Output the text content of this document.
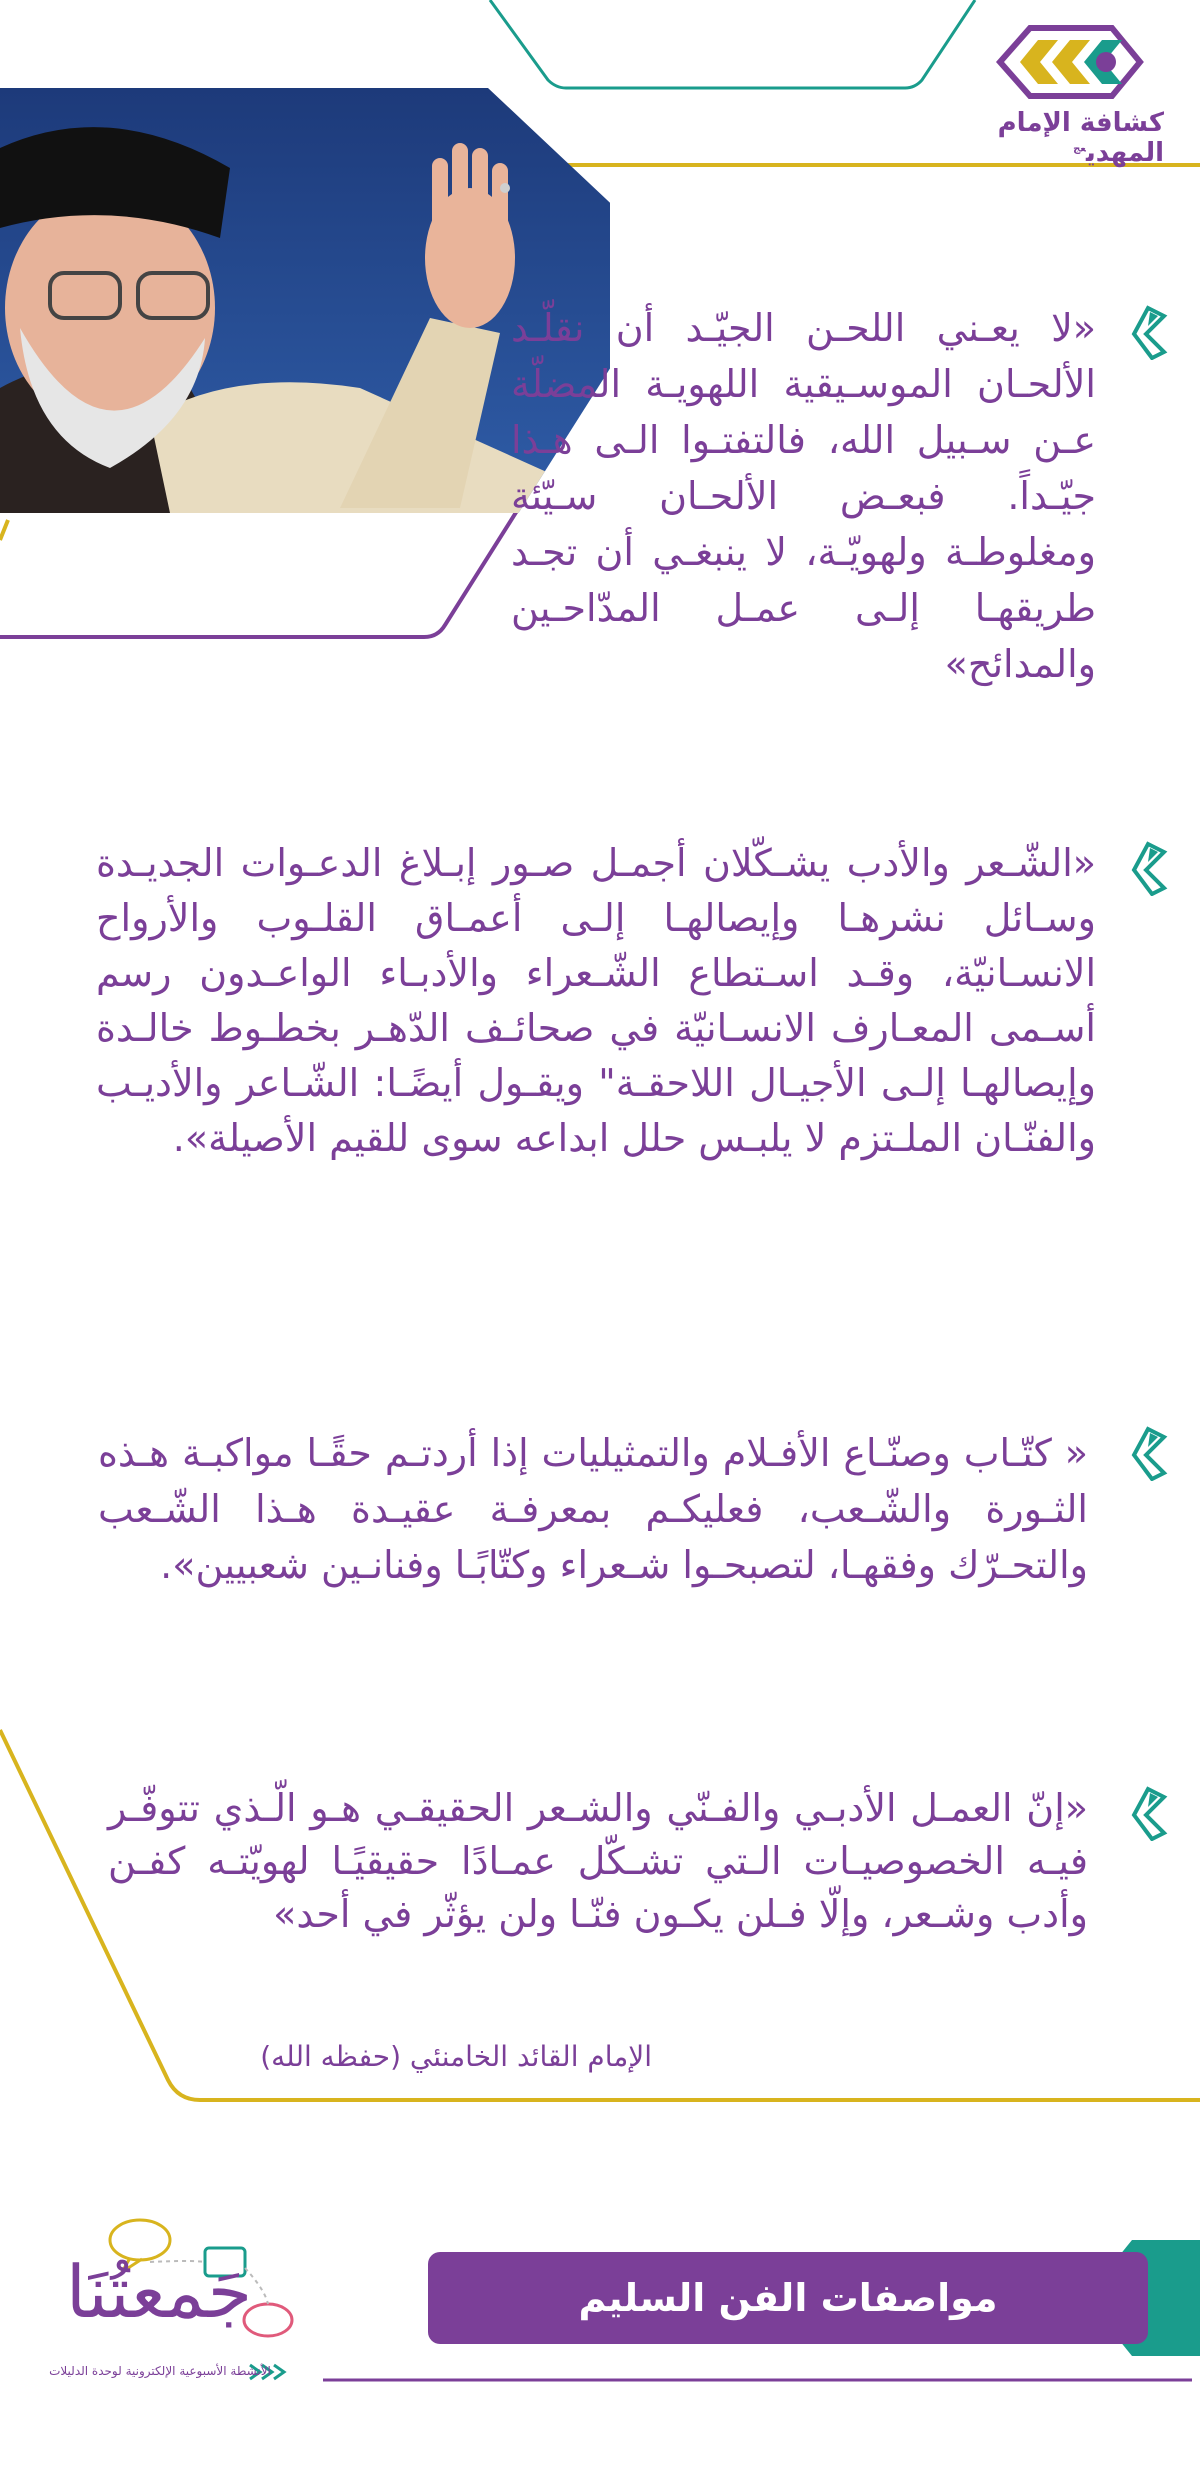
كشافة الإمام المهدي$^{عج}$

«لا يعـني اللحـن الجيّـد أن نقلّـد الألحـان الموسـيقية اللهويـة المضلّة عـن سـبيل الله، فالتفتـوا الـى هـذا جيّـداً. فبعـض الألحـان سـيّئة ومغلوطـة ولهويّـة، لا ينبغـي أن تجـد طريقهـا إلـى عمـل المدّاحـين والمدائح»

«الشّـعر والأدب يشـكّلان أجمـل صـور إبـلاغ الدعـوات الجديـدة وسـائل نشرهـا وإيصالهـا إلـى أعمـاق القلـوب والأرواح الانسـانيّة، وقـد اسـتطاع الشّـعراء والأدبـاء الواعـدون رسم أسـمى المعـارف الانسـانيّة في صحائـف الدّهـر بخطـوط خالـدة وإيصالهـا إلـى الأجيـال اللاحقـة" ويقـول أيضًـا: الشّـاعر والأديـب والفنّـان الملـتزم لا يلبـس حلل ابداعه سوى للقيم الأصيلة».

« كتّـاب وصنّـاع الأفـلام والتمثيليات إذا أردتـم حقًـا مواكبـة هـذه الثـورة والشّـعب، فعليكـم بمعرفـة عقيـدة هـذا الشّـعب والتحـرّك وفقهـا، لتصبحـوا شـعراء وكتّابًـا وفنانـين شعبيين».

«إنّ العمـل الأدبـي والفـنّي والشـعر الحقيقـي هـو الّـذي تتوفّـر فيـه الخصوصيـات الـتي تشـكّل عمـادًا حقيقيًـا لهويّتـه كفـن وأدب وشـعر، وإلّا فـلن يكـون فنّـا ولن يؤثّر في أحد»

الإمام القائد الخامنئي (حفظه الله)
مواصفات الفن السليم
جَمعتُنَا
الأنشطة الأسبوعية الإلكترونية لوحدة الدليلات
